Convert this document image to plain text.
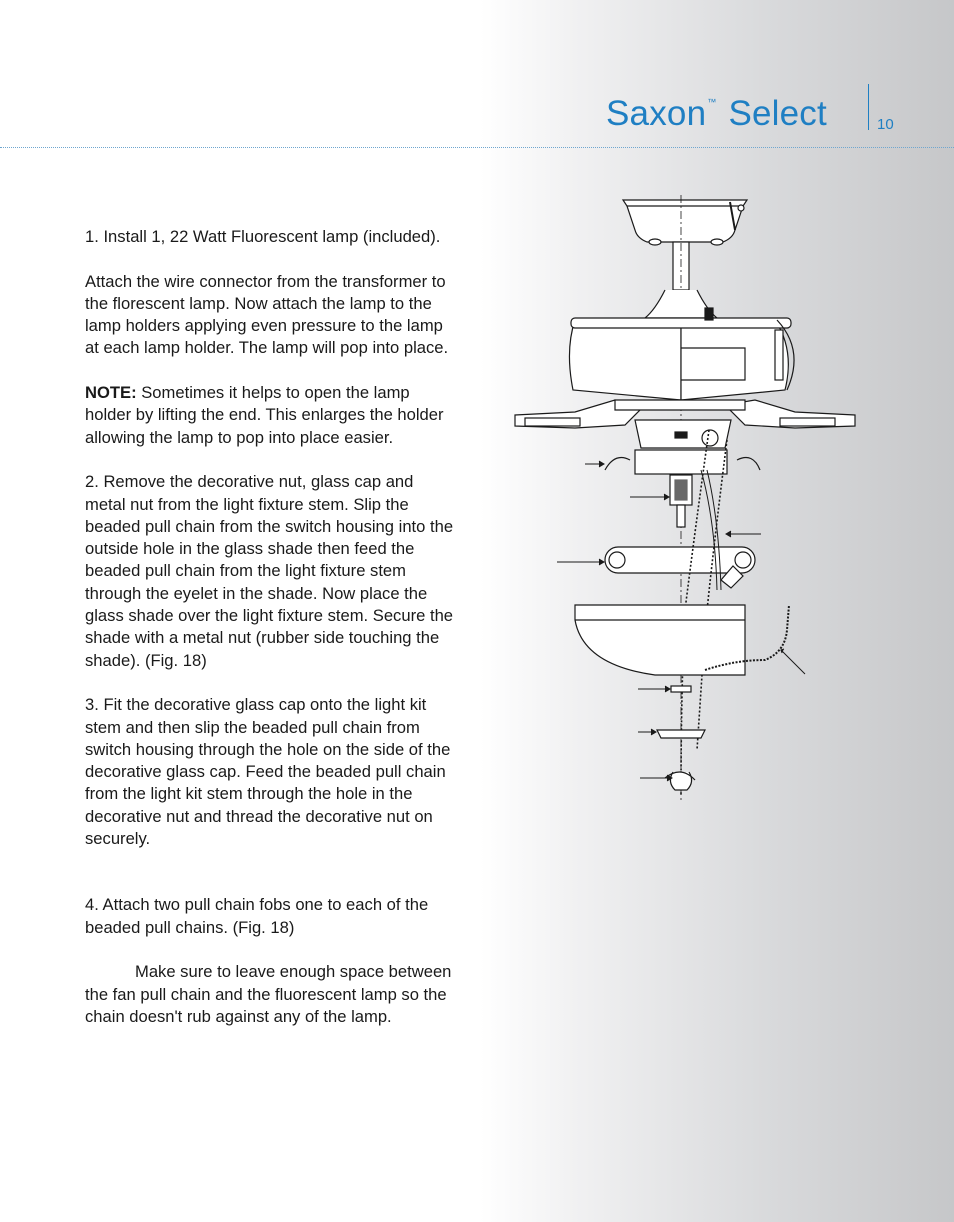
Saxon™ Select	10

1. Install 1, 22 Watt Fluorescent lamp (included).

Attach the wire connector from the transformer to the florescent lamp. Now attach the lamp to the lamp holders applying even pressure to the lamp at each lamp holder. The lamp will pop into place.

NOTE: Sometimes it helps to open the lamp holder by lifting the end. This enlarges the holder allowing the lamp to pop into place easier.

2. Remove the decorative nut, glass cap and metal nut from the light fixture stem. Slip the beaded pull chain from the switch housing into the outside hole in the glass shade then feed the beaded pull chain from the light fixture stem through the eyelet in the shade. Now place the glass shade over the light fixture stem. Secure the shade with a metal nut (rubber side touching the shade). (Fig. 18)

3. Fit the decorative glass cap onto the light kit stem and then slip the beaded pull chain from switch housing through the hole on the side of the decorative glass cap. Feed the beaded pull chain from the light kit stem through the hole in the decorative nut and thread the decorative nut on securely.

4. Attach two pull chain fobs one to each of the beaded pull chains. (Fig. 18)

Make sure to leave enough space between the fan pull chain and the fluorescent lamp so the chain doesn't rub against any of the lamp.
